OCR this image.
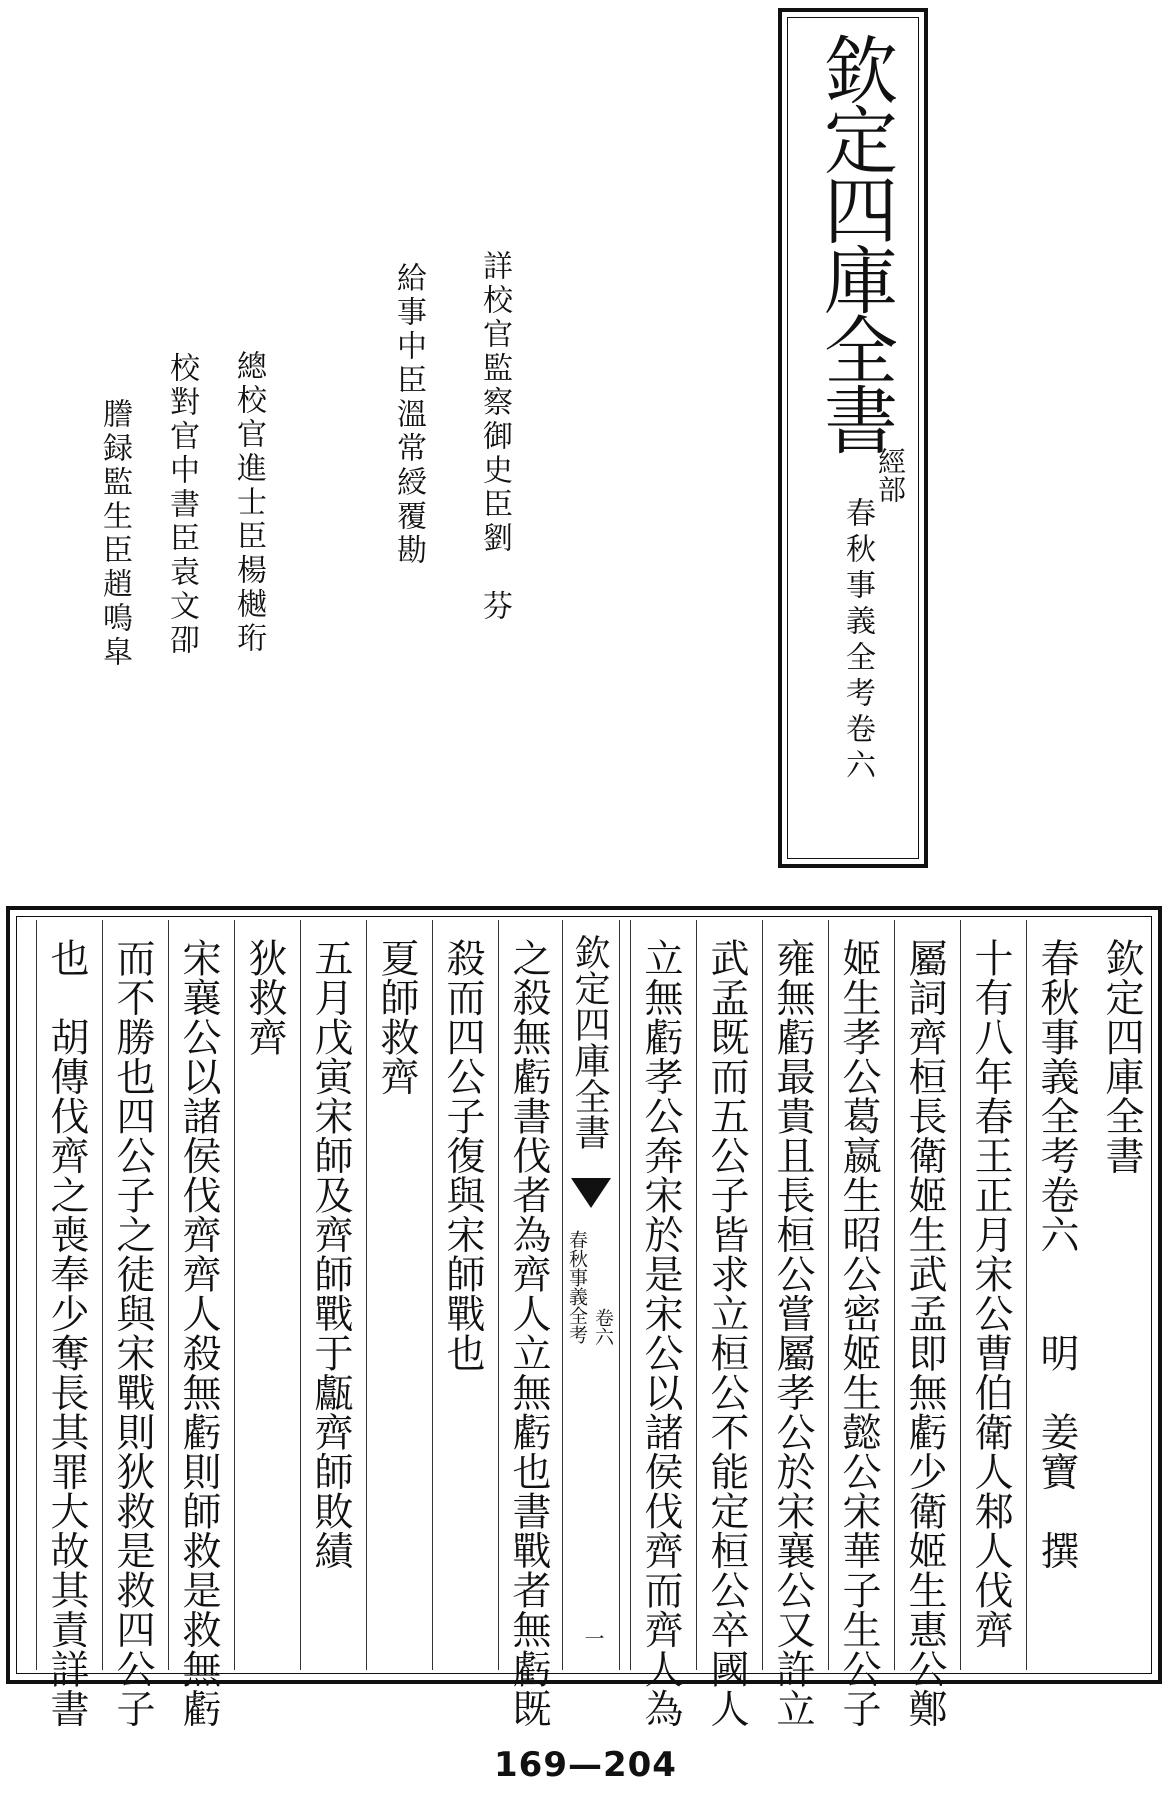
欽定四庫全書
經部
春秋事義全考卷六
詳校官監察御史臣劉　芬
給事中臣溫常綬覆勘
總校官進士臣楊樾珩
校對官中書臣袁文卲
謄録監生臣趙鳴皐
欽定四庫全書
春秋事義全考卷六　　明　姜寶　撰
十有八年春王正月宋公曹伯衛人邾人伐齊
屬詞齊桓長衛姬生武孟即無虧少衛姬生惠公鄭
姬生孝公葛嬴生昭公密姬生懿公宋華子生公子
雍無虧最貴且長桓公嘗屬孝公於宋襄公又許立
武孟既而五公子皆求立桓公不能定桓公卒國人
立無虧孝公奔宋於是宋公以諸侯伐齊而齊人為
欽定四庫全書
春秋事義全考 卷六
一
之殺無虧書伐者為齊人立無虧也書戰者無虧既
殺而四公子復與宋師戰也
夏師救齊
五月戊寅宋師及齊師戰于甗齊師敗績
狄救齊
宋襄公以諸侯伐齊齊人殺無虧則師救是救無虧
而不勝也四公子之徒與宋戰則狄救是救四公子
也　胡傳伐齊之喪奉少奪長其罪大故其責詳書
169—204
